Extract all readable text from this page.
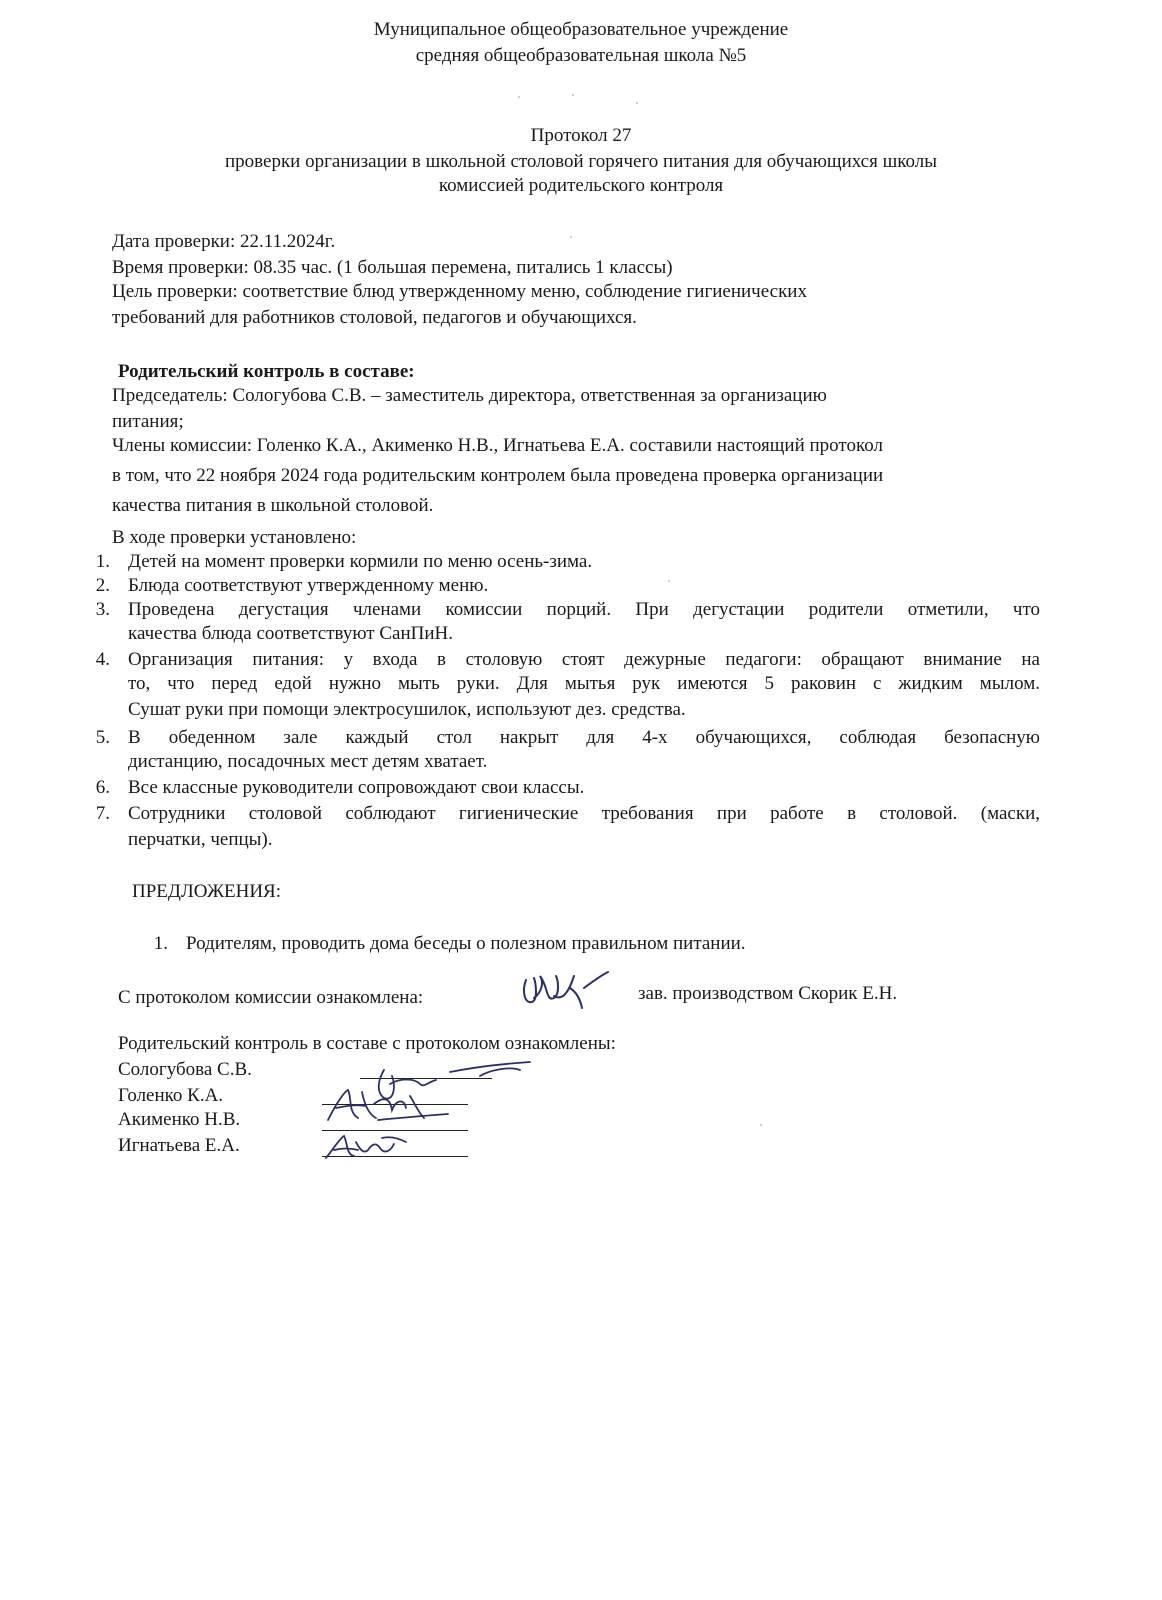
Муниципальное общеобразовательное учреждение
средняя общеобразовательная школа №5
Протокол 27
проверки организации в школьной столовой горячего питания для обучающихся школы
комиссией родительского контроля
Дата проверки: 22.11.2024г.
Время проверки: 08.35 час. (1 большая перемена, питались 1 классы)
Цель проверки: соответствие блюд утвержденному меню, соблюдение гигиенических
требований для работников столовой, педагогов и обучающихся.
Родительский контроль в составе:
Председатель: Сологубова С.В. – заместитель директора, ответственная за организацию
питания;
Члены комиссии: Голенко К.А., Акименко Н.В., Игнатьева Е.А. составили настоящий протокол
в том, что 22 ноября 2024 года родительским контролем была проведена проверка организации
качества питания в школьной столовой.
В ходе проверки установлено:
1. Детей на момент проверки кормили по меню осень-зима.
2. Блюда соответствуют утвержденному меню.
3. Проведена дегустация членами комиссии порций. При дегустации родители отметили, что
качества блюда соответствуют СанПиН.
4. Организация питания: у входа в столовую стоят дежурные педагоги: обращают внимание на
то, что перед едой нужно мыть руки. Для мытья рук имеются 5 раковин с жидким мылом.
Сушат руки при помощи электросушилок, используют дез. средства.
5. В обеденном зале каждый стол накрыт для 4-х обучающихся, соблюдая безопасную
дистанцию, посадочных мест детям хватает.
6. Все классные руководители сопровождают свои классы.
7. Сотрудники столовой соблюдают гигиенические требования при работе в столовой. (маски,
перчатки, чепцы).
ПРЕДЛОЖЕНИЯ:
1. Родителям, проводить дома беседы о полезном правильном питании.
С протоколом комиссии ознакомлена:	зав. производством Скорик Е.Н.
Родительский контроль в составе с протоколом ознакомлены:
Сологубова С.В.
Голенко К.А.
Акименко Н.В.
Игнатьева Е.А.
